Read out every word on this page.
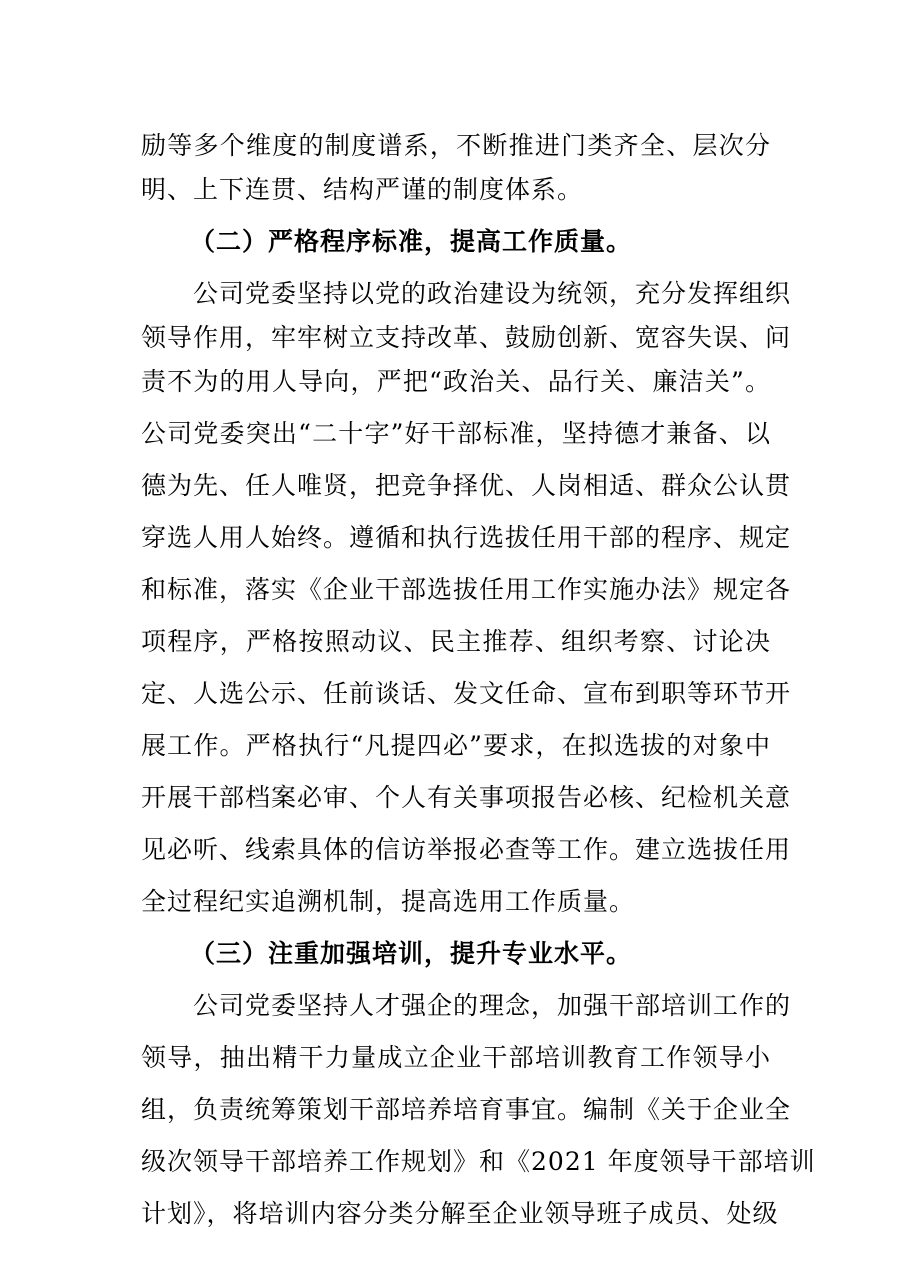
励等多个维度的制度谱系，不断推进门类齐全、层次分
明、上下连贯、结构严谨的制度体系。
（二）严格程序标准，提高工作质量。
　　公司党委坚持以党的政治建设为统领，充分发挥组织
领导作用，牢牢树立支持改革、鼓励创新、宽容失误、问
责不为的用人导向，严把“政治关、品行关、廉洁关”。
公司党委突出“二十字”好干部标准，坚持德才兼备、以
德为先、任人唯贤，把竞争择优、人岗相适、群众公认贯
穿选人用人始终。遵循和执行选拔任用干部的程序、规定
和标准，落实《企业干部选拔任用工作实施办法》规定各
项程序，严格按照动议、民主推荐、组织考察、讨论决
定、人选公示、任前谈话、发文任命、宣布到职等环节开
展工作。严格执行“凡提四必”要求，在拟选拔的对象中
开展干部档案必审、个人有关事项报告必核、纪检机关意
见必听、线索具体的信访举报必查等工作。建立选拔任用
全过程纪实追溯机制，提高选用工作质量。
（三）注重加强培训，提升专业水平。
　　公司党委坚持人才强企的理念，加强干部培训工作的
领导，抽出精干力量成立企业干部培训教育工作领导小
组，负责统筹策划干部培养培育事宜。编制《关于企业全
级次领导干部培养工作规划》和《2021 年度领导干部培训
计划》，将培训内容分类分解至企业领导班子成员、处级
